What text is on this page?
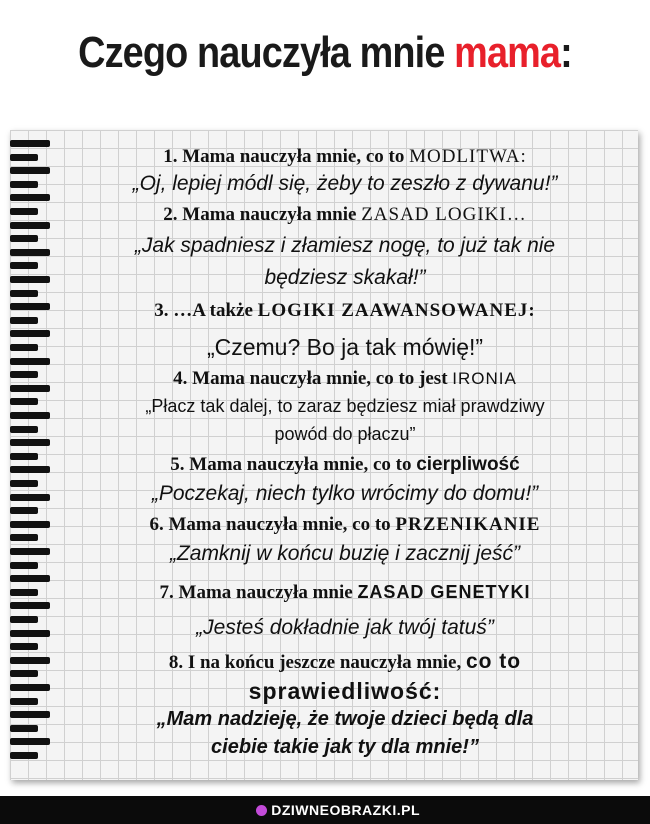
Czego nauczyła mnie mama:
1. Mama nauczyła mnie, co to MODLITWA:
„Oj, lepiej módl się, żeby to zeszło z dywanu!”
2. Mama nauczyła mnie ZASAD LOGIKI…
„Jak spadniesz i złamiesz nogę, to już tak nie
będziesz skakał!”
3. …A także LOGIKI ZAAWANSOWANEJ:
„Czemu? Bo ja tak mówię!”
4. Mama nauczyła mnie, co to jest IRONIA
„Płacz tak dalej, to zaraz będziesz miał prawdziwy
powód do płaczu”
5. Mama nauczyła mnie, co to cierpliwość
„Poczekaj, niech tylko wrócimy do domu!”
6. Mama nauczyła mnie, co to PRZENIKANIE
„Zamknij w końcu buzię i zacznij jeść”
7. Mama nauczyła mnie ZASAD GENETYKI
„Jesteś dokładnie jak twój tatuś”
8. I na końcu jeszcze nauczyła mnie, co to
sprawiedliwość:
„Mam nadzieję, że twoje dzieci będą dla
ciebie takie jak ty dla mnie!”
DZIWNEOBRAZKI.PL
